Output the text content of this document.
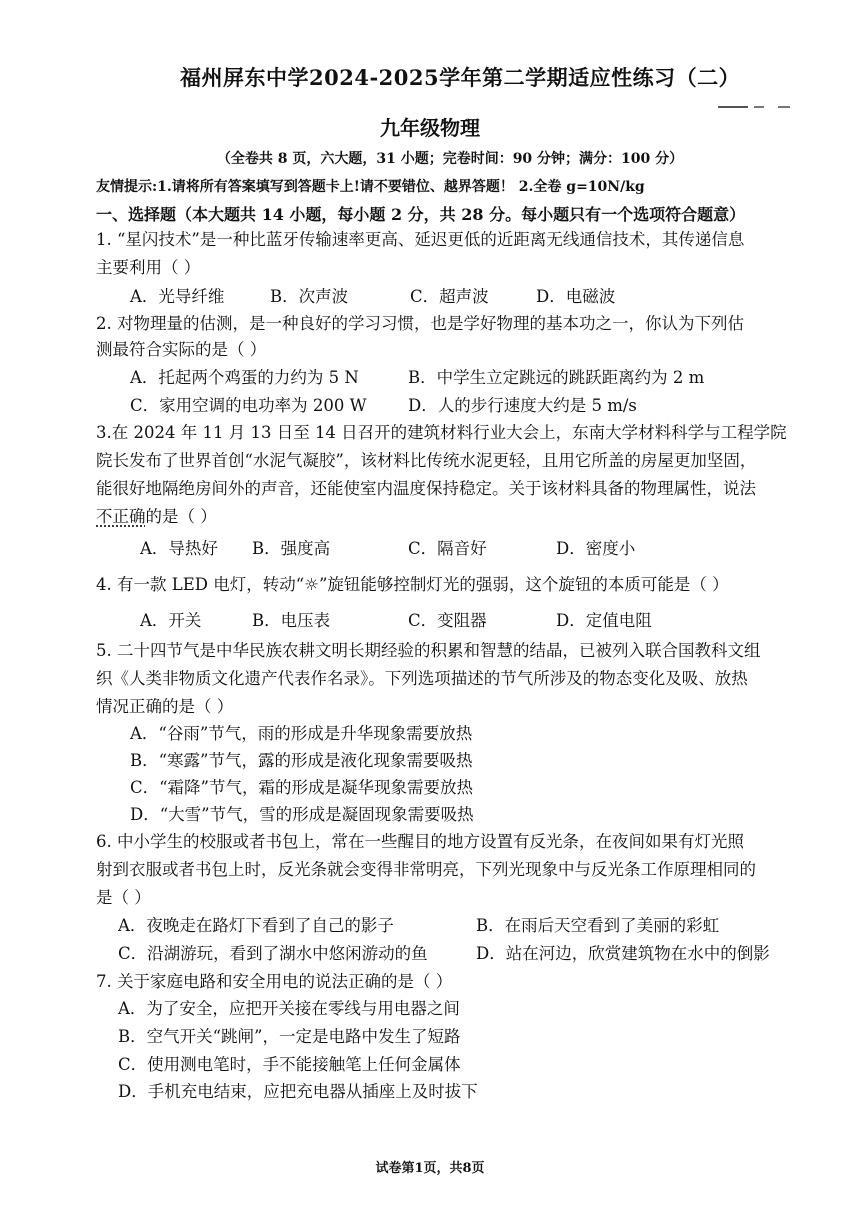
福州屏东中学2024-2025学年第二学期适应性练习（二）
九年级物理
（全卷共 8 页，六大题，31 小题；完卷时间：90 分钟；满分：100 分）
友情提示:1.请将所有答案填写到答题卡上!请不要错位、越界答题！ 2.全卷 g=10N/kg
一、选择题（本大题共 14 小题，每小题 2 分，共 28 分。每小题只有一个选项符合题意）
1. “星闪技术”是一种比蓝牙传输速率更高、延迟更低的近距离无线通信技术，其传递信息
主要利用（ ）
A．光导纤维	B．次声波	C．超声波	D．电磁波
2. 对物理量的估测，是一种良好的学习习惯，也是学好物理的基本功之一，你认为下列估
测最符合实际的是（ ）
A．托起两个鸡蛋的力约为 5 N	B．中学生立定跳远的跳跃距离约为 2 m
C．家用空调的电功率为 200 W	D．人的步行速度大约是 5 m/s
3.在 2024 年 11 月 13 日至 14 日召开的建筑材料行业大会上，东南大学材料科学与工程学院
院长发布了世界首创“水泥气凝胶”，该材料比传统水泥更轻，且用它所盖的房屋更加坚固，
能很好地隔绝房间外的声音，还能使室内温度保持稳定。关于该材料具备的物理属性，说法
不正确的是（ ）
A．导热好 B．强度高	C．隔音好	D．密度小
4. 有一款 LED 电灯，转动“☼”旋钮能够控制灯光的强弱，这个旋钮的本质可能是（ ）
A．开关	B．电压表	C．变阻器	D．定值电阻
5. 二十四节气是中华民族农耕文明长期经验的积累和智慧的结晶，已被列入联合国教科文组
织《人类非物质文化遗产代表作名录》。下列选项描述的节气所涉及的物态变化及吸、放热
情况正确的是（ ）
A．“谷雨”节气，雨的形成是升华现象需要放热
B．“寒露”节气，露的形成是液化现象需要吸热
C．“霜降”节气，霜的形成是凝华现象需要放热
D．“大雪”节气，雪的形成是凝固现象需要吸热
6. 中小学生的校服或者书包上，常在一些醒目的地方设置有反光条，在夜间如果有灯光照
射到衣服或者书包上时，反光条就会变得非常明亮，下列光现象中与反光条工作原理相同的
是（ ）
A．夜晚走在路灯下看到了自己的影子	B．在雨后天空看到了美丽的彩虹
C．沿湖游玩，看到了湖水中悠闲游动的鱼	D．站在河边，欣赏建筑物在水中的倒影
7. 关于家庭电路和安全用电的说法正确的是（ ）
A．为了安全，应把开关接在零线与用电器之间
B．空气开关“跳闸”，一定是电路中发生了短路
C．使用测电笔时，手不能接触笔上任何金属体
D．手机充电结束，应把充电器从插座上及时拔下
试卷第1页，共8页
